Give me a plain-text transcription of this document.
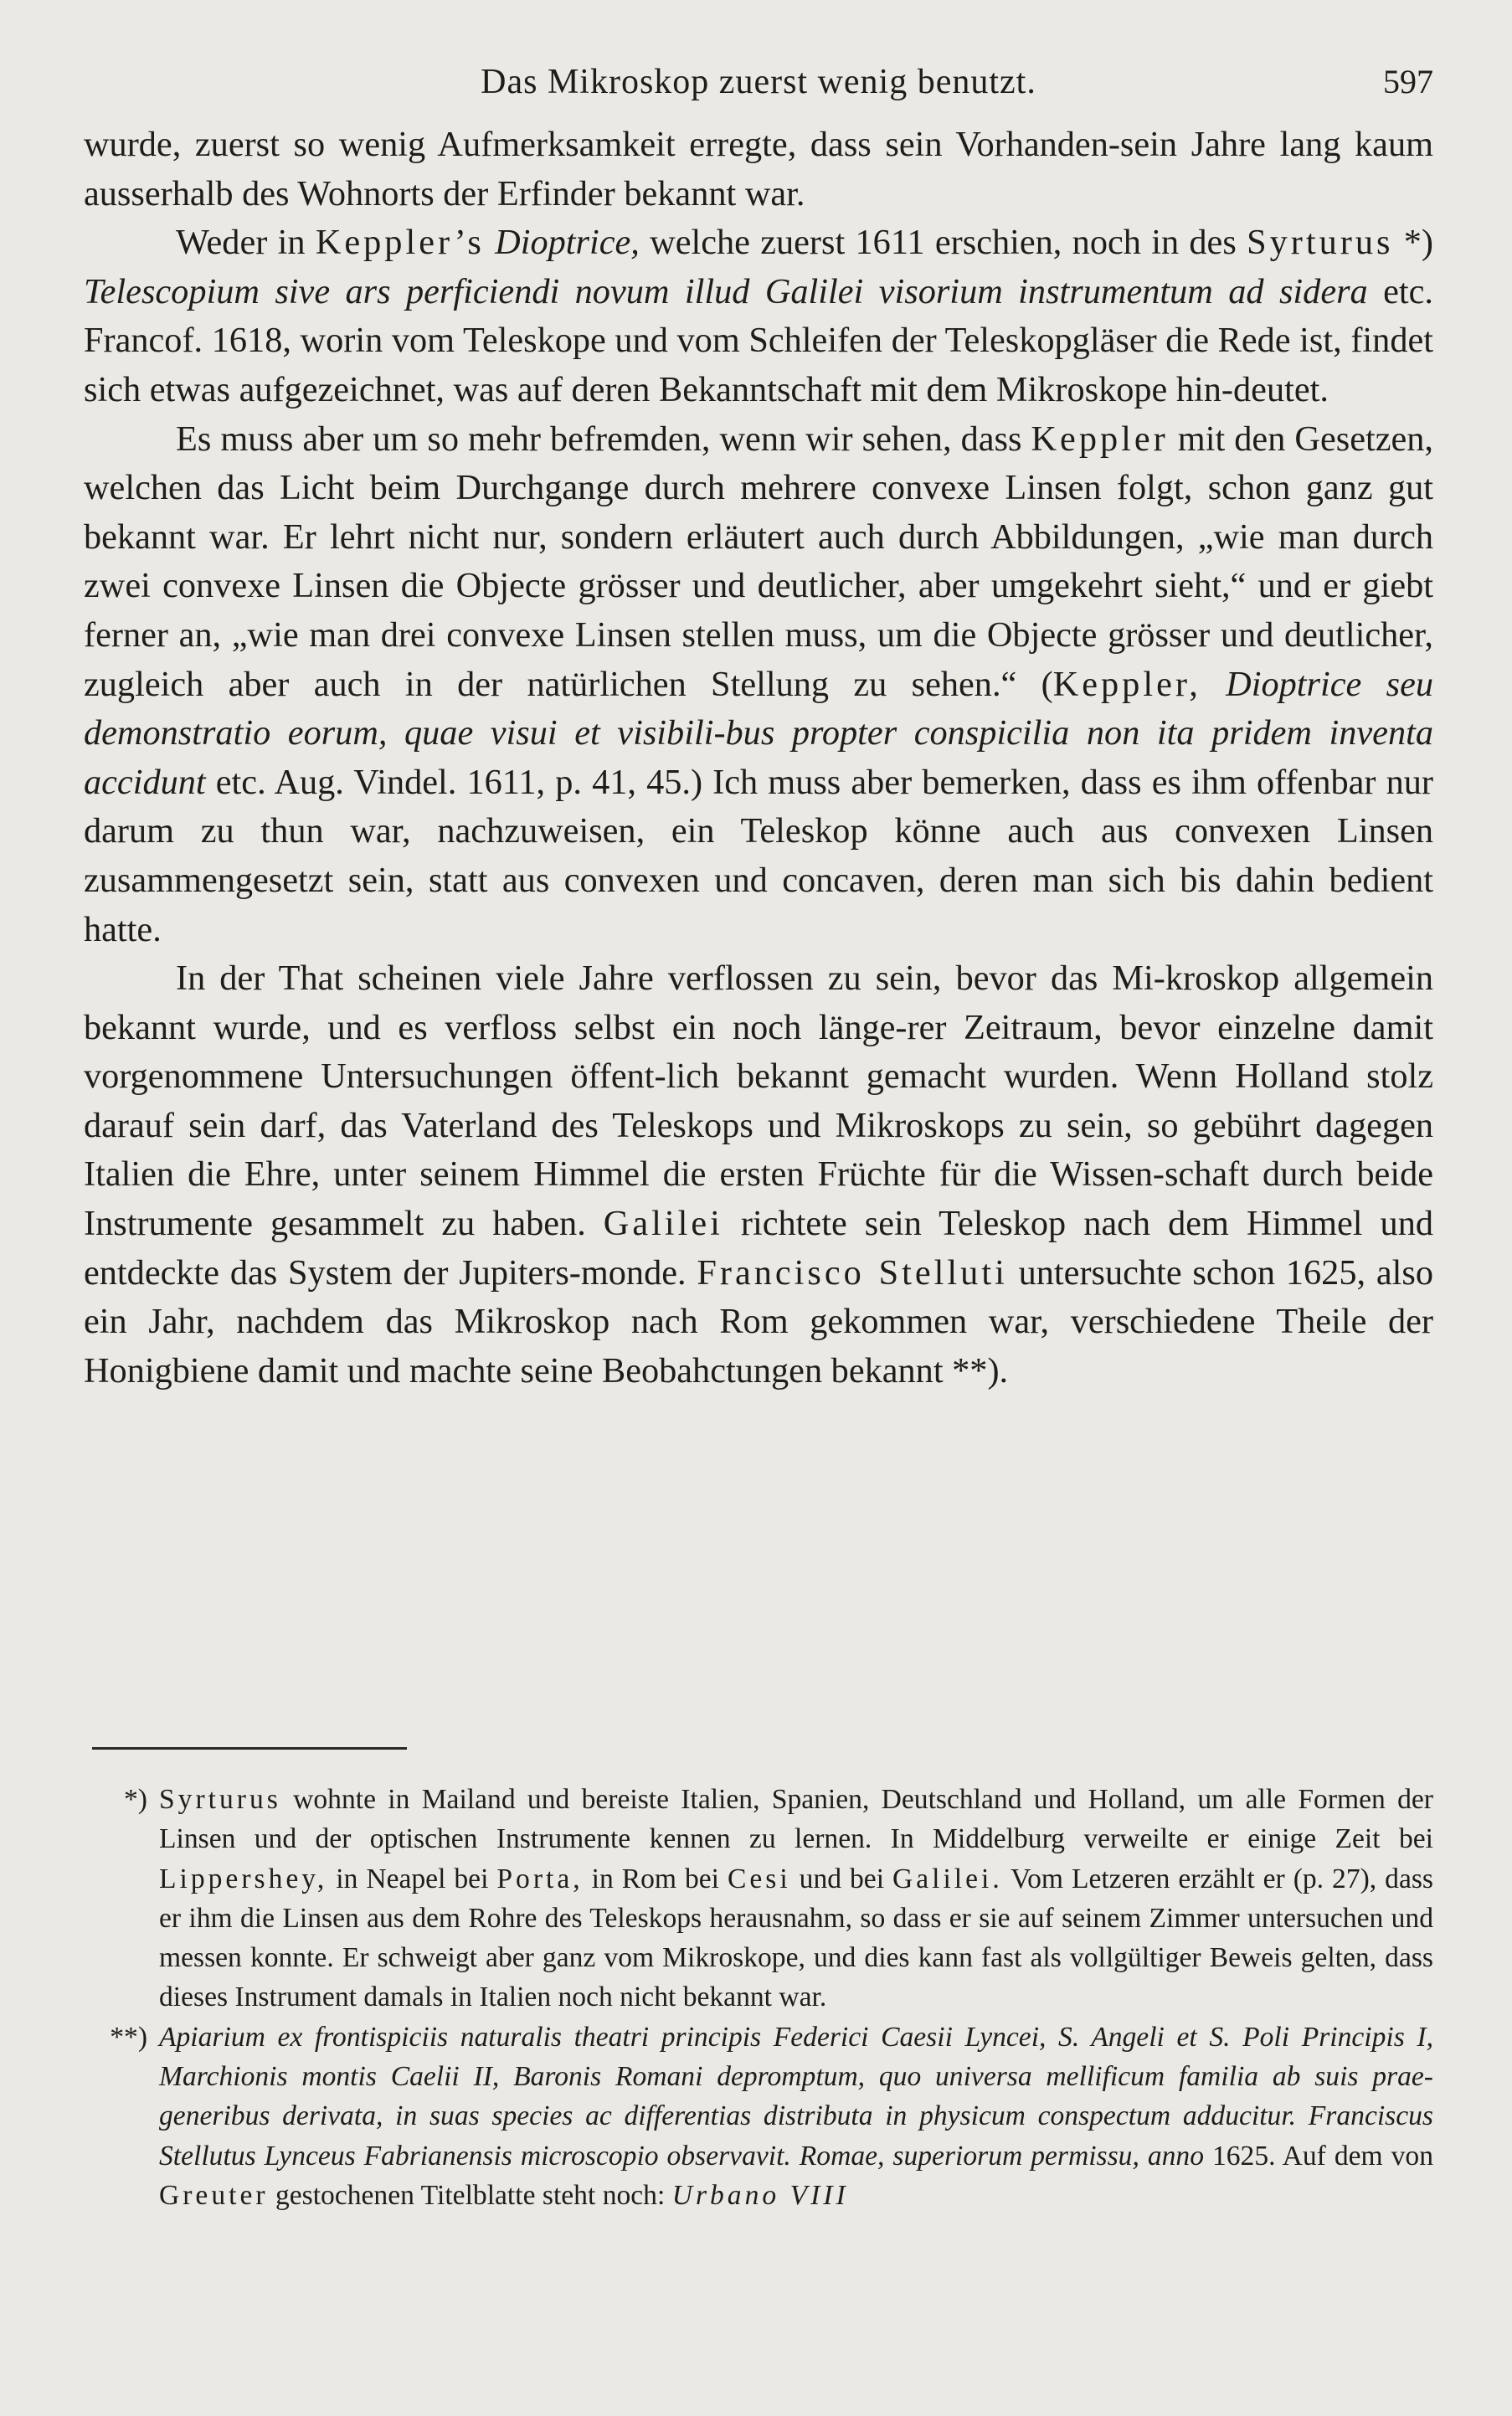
Das Mikroskop zuerst wenig benutzt.	597

wurde, zuerst so wenig Aufmerksamkeit erregte, dass sein Vorhanden-sein Jahre lang kaum ausserhalb des Wohnorts der Erfinder bekannt war.

Weder in Keppler’s Dioptrice, welche zuerst 1611 erschien, noch in des Syrturus *) Telescopium sive ars perficiendi novum illud Galilei visorium instrumentum ad sidera etc. Francof. 1618, worin vom Teleskope und vom Schleifen der Teleskopgläser die Rede ist, findet sich etwas aufgezeichnet, was auf deren Bekanntschaft mit dem Mikroskope hin-deutet.

Es muss aber um so mehr befremden, wenn wir sehen, dass Keppler mit den Gesetzen, welchen das Licht beim Durchgange durch mehrere convexe Linsen folgt, schon ganz gut bekannt war. Er lehrt nicht nur, sondern erläutert auch durch Abbildungen, „wie man durch zwei convexe Linsen die Objecte grösser und deutlicher, aber umgekehrt sieht,“ und er giebt ferner an, „wie man drei convexe Linsen stellen muss, um die Objecte grösser und deutlicher, zugleich aber auch in der natürlichen Stellung zu sehen.“ (Keppler, Dioptrice seu demonstratio eorum, quae visui et visibili-bus propter conspicilia non ita pridem inventa accidunt etc. Aug. Vindel. 1611, p. 41, 45.) Ich muss aber bemerken, dass es ihm offenbar nur darum zu thun war, nachzuweisen, ein Teleskop könne auch aus convexen Linsen zusammengesetzt sein, statt aus convexen und concaven, deren man sich bis dahin bedient hatte.

In der That scheinen viele Jahre verflossen zu sein, bevor das Mi-kroskop allgemein bekannt wurde, und es verfloss selbst ein noch länge-rer Zeitraum, bevor einzelne damit vorgenommene Untersuchungen öffent-lich bekannt gemacht wurden. Wenn Holland stolz darauf sein darf, das Vaterland des Teleskops und Mikroskops zu sein, so gebührt dagegen Italien die Ehre, unter seinem Himmel die ersten Früchte für die Wissen-schaft durch beide Instrumente gesammelt zu haben. Galilei richtete sein Teleskop nach dem Himmel und entdeckte das System der Jupiters-monde. Francisco Stelluti untersuchte schon 1625, also ein Jahr, nachdem das Mikroskop nach Rom gekommen war, verschiedene Theile der Honigbiene damit und machte seine Beobahctungen bekannt **).

*) Syrturus wohnte in Mailand und bereiste Italien, Spanien, Deutschland und Holland, um alle Formen der Linsen und der optischen Instrumente kennen zu lernen. In Middelburg verweilte er einige Zeit bei Lippershey, in Neapel bei Porta, in Rom bei Cesi und bei Galilei. Vom Letzeren erzählt er (p. 27), dass er ihm die Linsen aus dem Rohre des Teleskops herausnahm, so dass er sie auf seinem Zimmer untersuchen und messen konnte. Er schweigt aber ganz vom Mikroskope, und dies kann fast als vollgültiger Beweis gelten, dass dieses Instrument damals in Italien noch nicht bekannt war.
**) Apiarium ex frontispiciis naturalis theatri principis Federici Caesii Lyncei, S. Angeli et S. Poli Principis I, Marchionis montis Caelii II, Baronis Romani depromptum, quo universa mellificum familia ab suis prae-generibus derivata, in suas species ac differentias distributa in physicum conspectum adducitur. Franciscus Stellutus Lynceus Fabrianensis microscopio observavit. Romae, superiorum permissu, anno 1625. Auf dem von Greuter gestochenen Titelblatte steht noch: Urbano VIII
